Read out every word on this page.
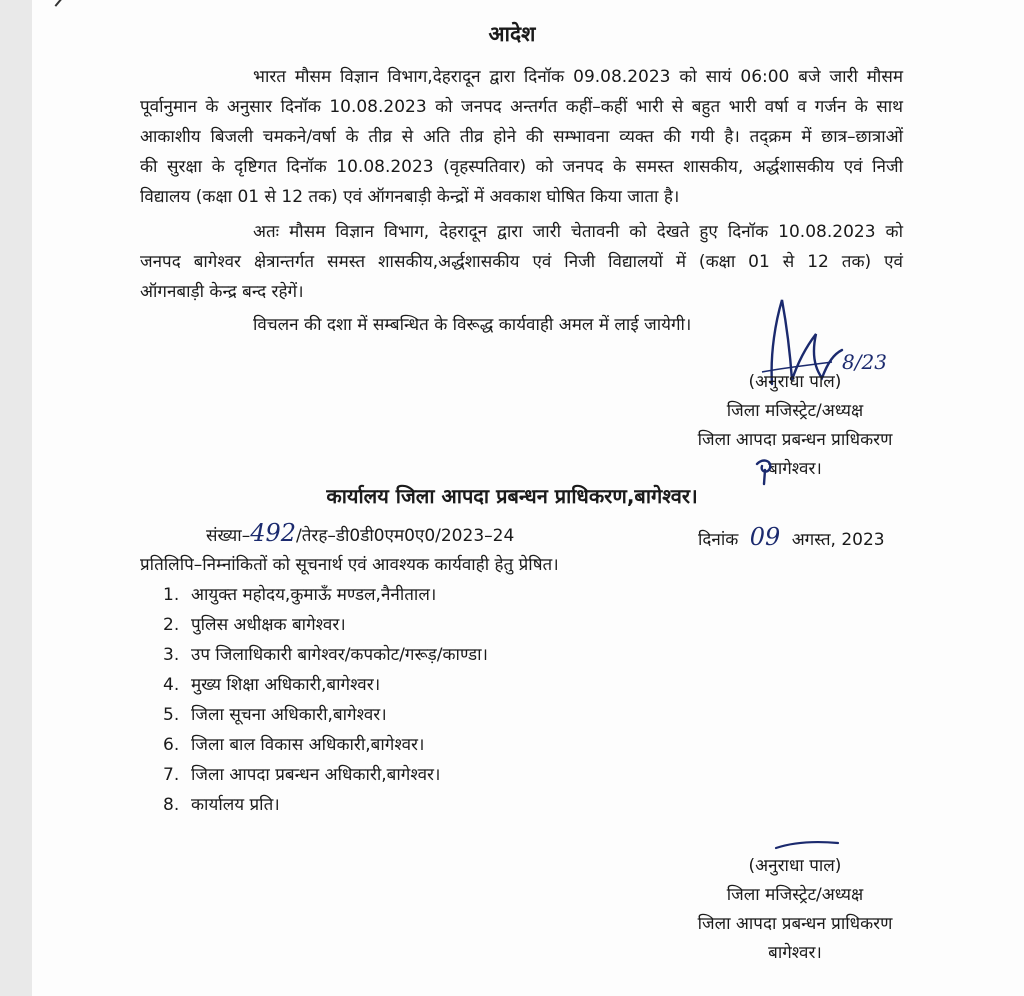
आदेश
भारत मौसम विज्ञान विभाग,देहरादून द्वारा दिनॉक 09.08.2023 को सायं 06:00 बजे जारी मौसम
पूर्वानुमान के अनुसार दिनॉक 10.08.2023 को जनपद अन्तर्गत कहीं–कहीं भारी से बहुत भारी वर्षा व गर्जन के साथ
आकाशीय बिजली चमकने/वर्षा के तीव्र से अति तीव्र होने की सम्भावना व्यक्त की गयी है। तद्क्रम में छात्र–छात्राओं
की सुरक्षा के दृष्टिगत दिनॉक 10.08.2023 (वृहस्पतिवार) को जनपद के समस्त शासकीय, अर्द्धशासकीय एवं निजी
विद्यालय (कक्षा 01 से 12 तक) एवं ऑगनबाड़ी केन्द्रों में अवकाश घोषित किया जाता है।
अतः मौसम विज्ञान विभाग, देहरादून द्वारा जारी चेतावनी को देखते हुए दिनॉक 10.08.2023 को
जनपद बागेश्वर क्षेत्रान्तर्गत समस्त शासकीय,अर्द्धशासकीय एवं निजी विद्यालयों में (कक्षा 01 से 12 तक) एवं
ऑगनबाड़ी केन्द्र बन्द रहेगें।
विचलन की दशा में सम्बन्धित के विरूद्ध कार्यवाही अमल में लाई जायेगी।
8/23
(अनुराधा पाल)
जिला मजिस्ट्रेट/अध्यक्ष
जिला आपदा प्रबन्धन प्राधिकरण
बागेश्वर।
कार्यालय जिला आपदा प्रबन्धन प्राधिकरण,बागेश्वर।
संख्या–492/तेरह–डी0डी0एम0ए0/2023–24	दिनांक 09 अगस्त, 2023
प्रतिलिपि–निम्नांकितों को सूचनार्थ एवं आवश्यक कार्यवाही हेतु प्रेषित।
1. आयुक्त महोदय,कुमाऊँ मण्डल,नैनीताल।
2. पुलिस अधीक्षक बागेश्वर।
3. उप जिलाधिकारी बागेश्वर/कपकोट/गरूड़/काण्डा।
4. मुख्य शिक्षा अधिकारी,बागेश्वर।
5. जिला सूचना अधिकारी,बागेश्वर।
6. जिला बाल विकास अधिकारी,बागेश्वर।
7. जिला आपदा प्रबन्धन अधिकारी,बागेश्वर।
8. कार्यालय प्रति।
(अनुराधा पाल)
जिला मजिस्ट्रेट/अध्यक्ष
जिला आपदा प्रबन्धन प्राधिकरण
बागेश्वर।
